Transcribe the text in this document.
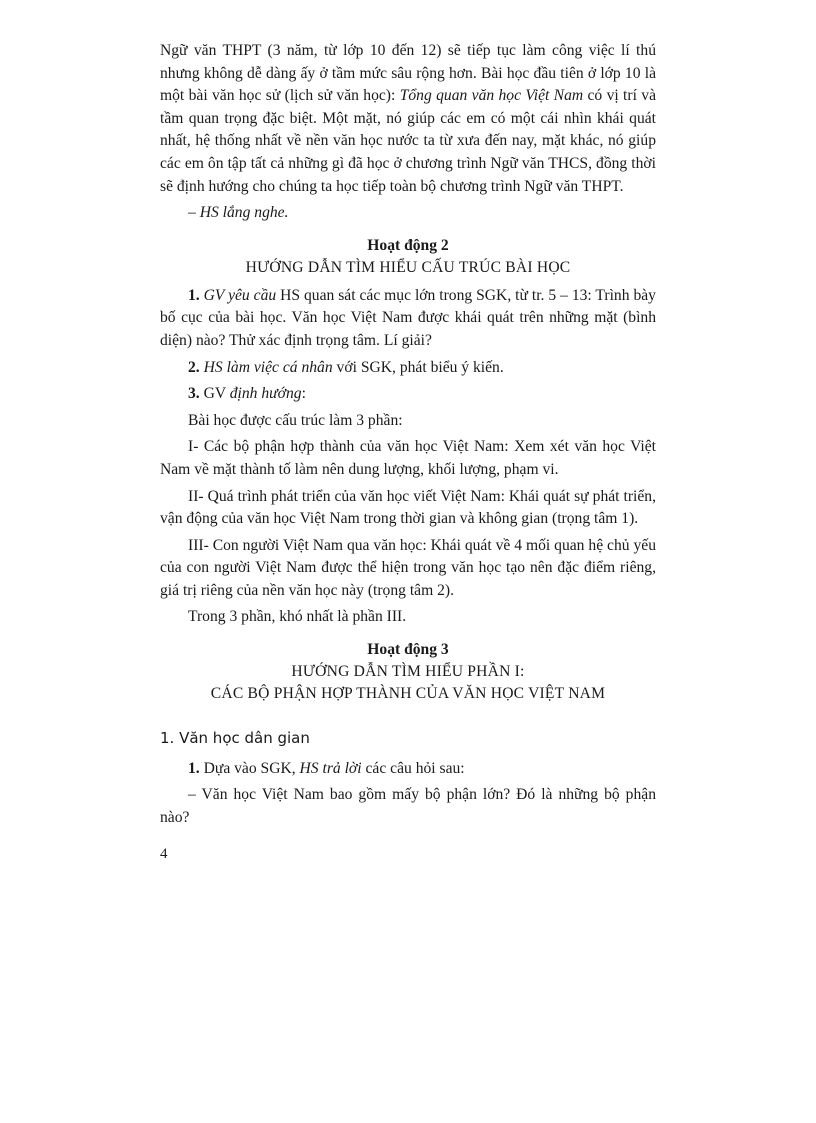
Ngữ văn THPT (3 năm, từ lớp 10 đến 12) sẽ tiếp tục làm công việc lí thú nhưng không dễ dàng ấy ở tầm mức sâu rộng hơn. Bài học đầu tiên ở lớp 10 là một bài văn học sử (lịch sử văn học): Tổng quan văn học Việt Nam có vị trí và tầm quan trọng đặc biệt. Một mặt, nó giúp các em có một cái nhìn khái quát nhất, hệ thống nhất về nền văn học nước ta từ xưa đến nay, mặt khác, nó giúp các em ôn tập tất cả những gì đã học ở chương trình Ngữ văn THCS, đồng thời sẽ định hướng cho chúng ta học tiếp toàn bộ chương trình Ngữ văn THPT.

– HS lắng nghe.

Hoạt động 2
HƯỚNG DẪN TÌM HIỂU CẤU TRÚC BÀI HỌC

1. GV yêu cầu HS quan sát các mục lớn trong SGK, từ tr. 5 – 13: Trình bày bố cục của bài học. Văn học Việt Nam được khái quát trên những mặt (bình diện) nào? Thử xác định trọng tâm. Lí giải?

2. HS làm việc cá nhân với SGK, phát biểu ý kiến.

3. GV định hướng:

Bài học được cấu trúc làm 3 phần:

I- Các bộ phận hợp thành của văn học Việt Nam: Xem xét văn học Việt Nam về mặt thành tố làm nên dung lượng, khối lượng, phạm vi.

II- Quá trình phát triển của văn học viết Việt Nam: Khái quát sự phát triển, vận động của văn học Việt Nam trong thời gian và không gian (trọng tâm 1).

III- Con người Việt Nam qua văn học: Khái quát về 4 mối quan hệ chủ yếu của con người Việt Nam được thể hiện trong văn học tạo nên đặc điểm riêng, giá trị riêng của nền văn học này (trọng tâm 2).

Trong 3 phần, khó nhất là phần III.

Hoạt động 3
HƯỚNG DẪN TÌM HIỂU PHẦN I:
CÁC BỘ PHẬN HỢP THÀNH CỦA VĂN HỌC VIỆT NAM
1. Văn học dân gian

1. Dựa vào SGK, HS trả lời các câu hỏi sau:

– Văn học Việt Nam bao gồm mấy bộ phận lớn? Đó là những bộ phận nào?

4
